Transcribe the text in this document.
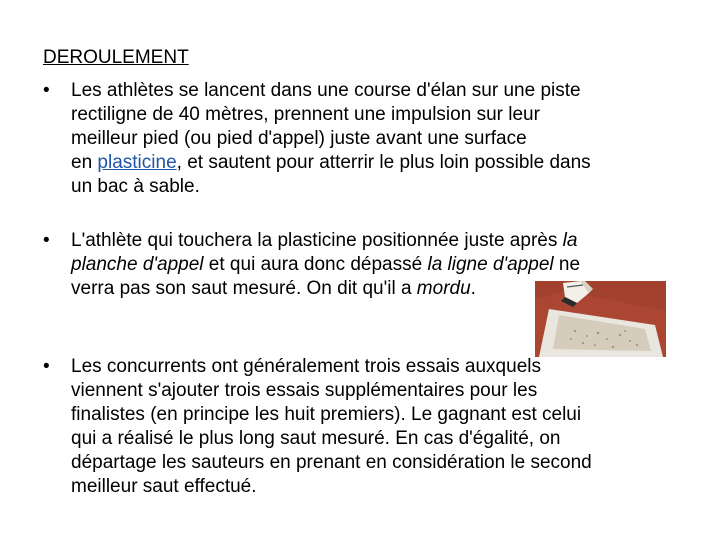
DEROULEMENT
• Les athlètes se lancent dans une course d'élan sur une piste
rectiligne de 40 mètres, prennent une impulsion sur leur
meilleur pied (ou pied d'appel) juste avant une surface
en plasticine, et sautent pour atterrir le plus loin possible dans
un bac à sable.
• L'athlète qui touchera la plasticine positionnée juste après la
planche d'appel et qui aura donc dépassé la ligne d'appel ne
verra pas son saut mesuré. On dit qu'il a mordu.
• Les concurrents ont généralement trois essais auxquels
viennent s'ajouter trois essais supplémentaires pour les
finalistes (en principe les huit premiers). Le gagnant est celui
qui a réalisé le plus long saut mesuré. En cas d'égalité, on
départage les sauteurs en prenant en considération le second
meilleur saut effectué.
